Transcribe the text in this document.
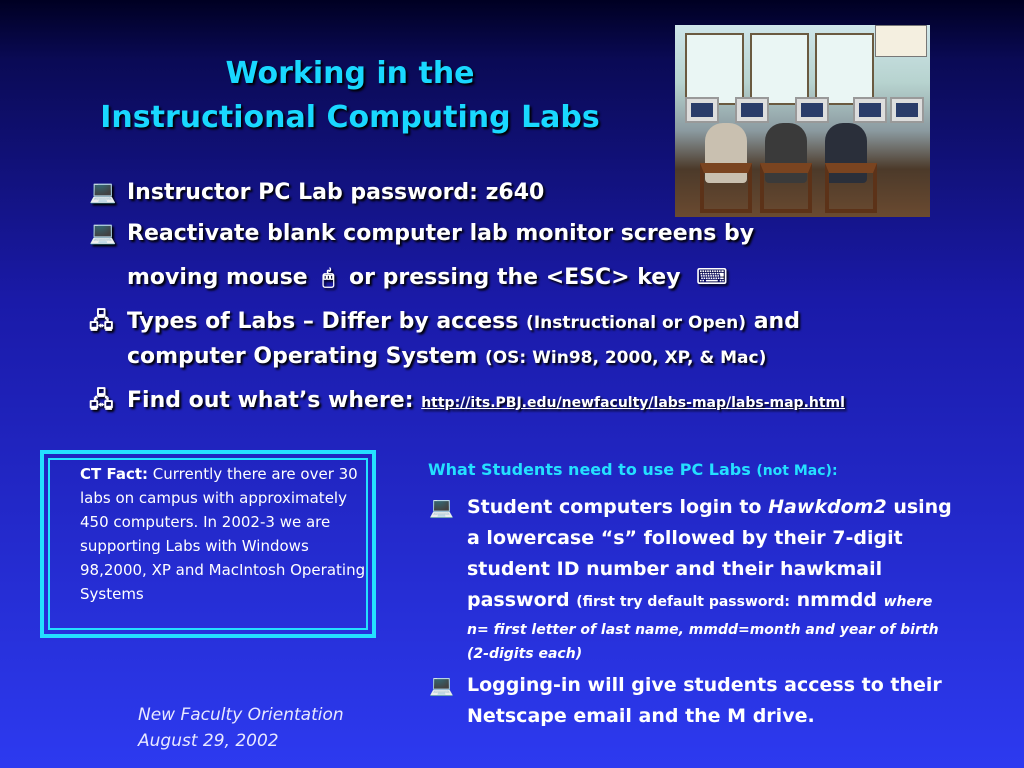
Working in the
Instructional Computing Labs
💻 Instructor PC Lab password: z640
💻 Reactivate blank computer lab monitor screens by
moving mouse  🖱  or pressing the <ESC> key  ⌨
🖧 Types of Labs – Differ by access (Instructional or Open) and
computer Operating System (OS: Win98, 2000, XP, & Mac)
🖧 Find out what’s where: http://its.PBJ.edu/newfaculty/labs-map/labs-map.html
CT Fact: Currently there are over 30 labs on campus with approximately 450 computers. In 2002-3 we are supporting Labs with Windows 98,2000, XP and MacIntosh Operating Systems
What Students need to use PC Labs (not Mac):
💻 Student computers login to Hawkdom2 using
a lowercase “s” followed by their 7-digit
student ID number and their hawkmail
password (first try default password: nmmdd where
n= first letter of last name, mmdd=month and year of birth
(2-digits each)
💻 Logging-in will give students access to their
Netscape email and the M drive.
New Faculty Orientation
August 29, 2002
